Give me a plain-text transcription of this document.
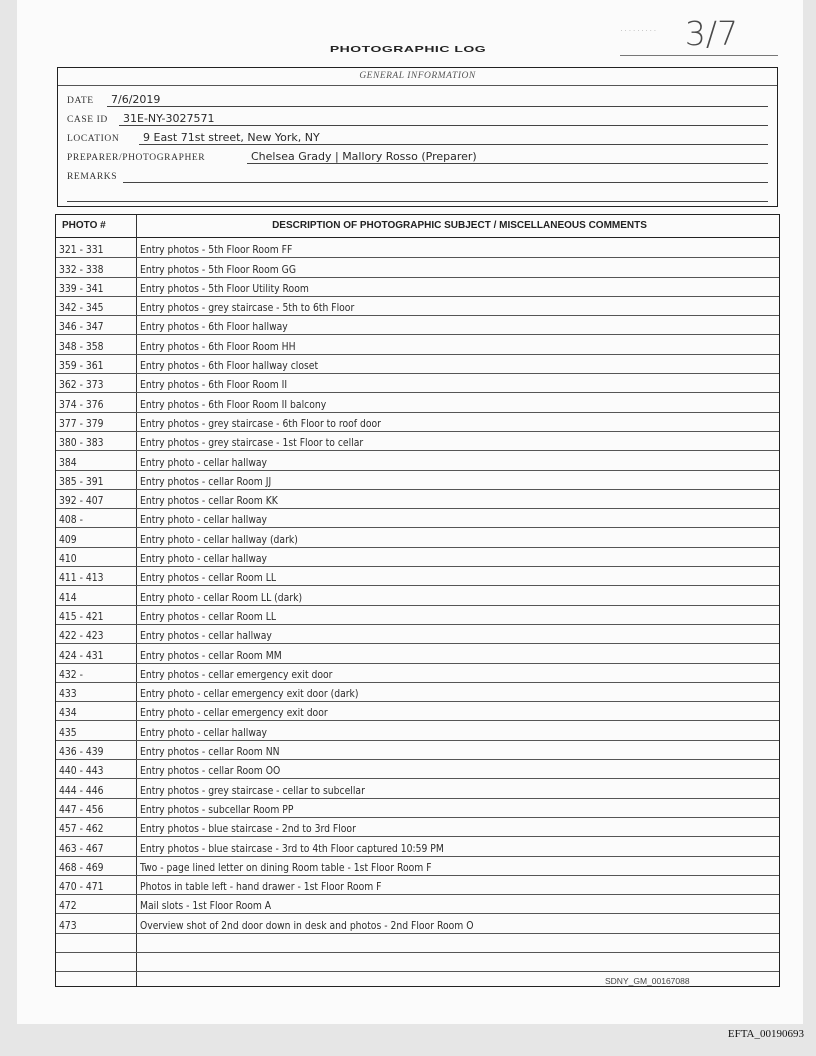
......... 3/7
PHOTOGRAPHIC LOG
GENERAL INFORMATION
DATE 7/6/2019
CASE ID 31E-NY-3027571
LOCATION 9 East 71st street, New York, NY
PREPARER/PHOTOGRAPHER	Chelsea Grady | Mallory Rosso (Preparer)
REMARKS
PHOTO #	DESCRIPTION OF PHOTOGRAPHIC SUBJECT / MISCELLANEOUS COMMENTS
321 - 331	Entry photos - 5th Floor Room FF
332 - 338	Entry photos - 5th Floor Room GG
339 - 341	Entry photos - 5th Floor Utility Room
342 - 345	Entry photos - grey staircase - 5th to 6th Floor
346 - 347	Entry photos - 6th Floor hallway
348 - 358	Entry photos - 6th Floor Room HH
359 - 361	Entry photos - 6th Floor hallway closet
362 - 373	Entry photos - 6th Floor Room II
374 - 376	Entry photos - 6th Floor Room II balcony
377 - 379	Entry photos - grey staircase - 6th Floor to roof door
380 - 383	Entry photos - grey staircase - 1st Floor to cellar
384	Entry photo - cellar hallway
385 - 391	Entry photos - cellar Room JJ
392 - 407	Entry photos - cellar Room KK
408 -	Entry photo - cellar hallway
409	Entry photo - cellar hallway (dark)
410	Entry photo - cellar hallway
411 - 413	Entry photos - cellar Room LL
414	Entry photo - cellar Room LL (dark)
415 - 421	Entry photos - cellar Room LL
422 - 423	Entry photos - cellar hallway
424 - 431	Entry photos - cellar Room MM
432 -	Entry photos - cellar emergency exit door
433	Entry photo - cellar emergency exit door (dark)
434	Entry photo - cellar emergency exit door
435	Entry photo - cellar hallway
436 - 439	Entry photos - cellar Room NN
440 - 443	Entry photos - cellar Room OO
444 - 446	Entry photos - grey staircase - cellar to subcellar
447 - 456	Entry photos - subcellar Room PP
457 - 462	Entry photos - blue staircase - 2nd to 3rd Floor
463 - 467	Entry photos - blue staircase - 3rd to 4th Floor captured 10:59 PM
468 - 469	Two - page lined letter on dining Room table - 1st Floor Room F
470 - 471	Photos in table left - hand drawer - 1st Floor Room F
472	Mail slots - 1st Floor Room A
473	Overview shot of 2nd door down in desk and photos - 2nd Floor Room O
SDNY_GM_00167088
EFTA_00190693
